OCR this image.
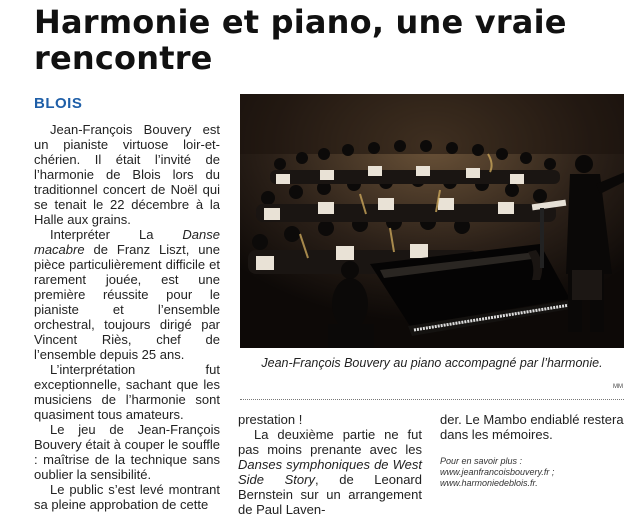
Harmonie et piano, une vraie rencontre
BLOIS

Jean-François Bouvery est un pianiste virtuose loir-et-chérien. Il était l’invité de l’harmonie de Blois lors du traditionnel concert de Noël qui se tenait le 22 décembre à la Halle aux grains.

Interpréter La Danse macabre de Franz Liszt, une pièce particulièrement difficile et rarement jouée, est une première réussite pour le pianiste et l’ensemble orchestral, toujours dirigé par Vincent Riès, chef de l’ensemble depuis 25 ans.

L’interprétation fut exceptionnelle, sachant que les musiciens de l’harmonie sont quasiment tous amateurs.

Le jeu de Jean-François Bouvery était à couper le souffle : maîtrise de la technique sans oublier la sensibilité.

Le public s’est levé montrant sa pleine approbation de cette

Jean-François Bouvery au piano accompagné par l’harmonie.
MM

prestation !

La deuxième partie ne fut pas moins prenante avec les Danses symphoniques de West Side Story, de Leonard Bernstein sur un arrangement de Paul Laven-

der. Le Mambo endiablé restera dans les mémoires.

Pour en savoir plus : www.jeanfrancoisbouvery.fr ; www.harmoniedeblois.fr.
